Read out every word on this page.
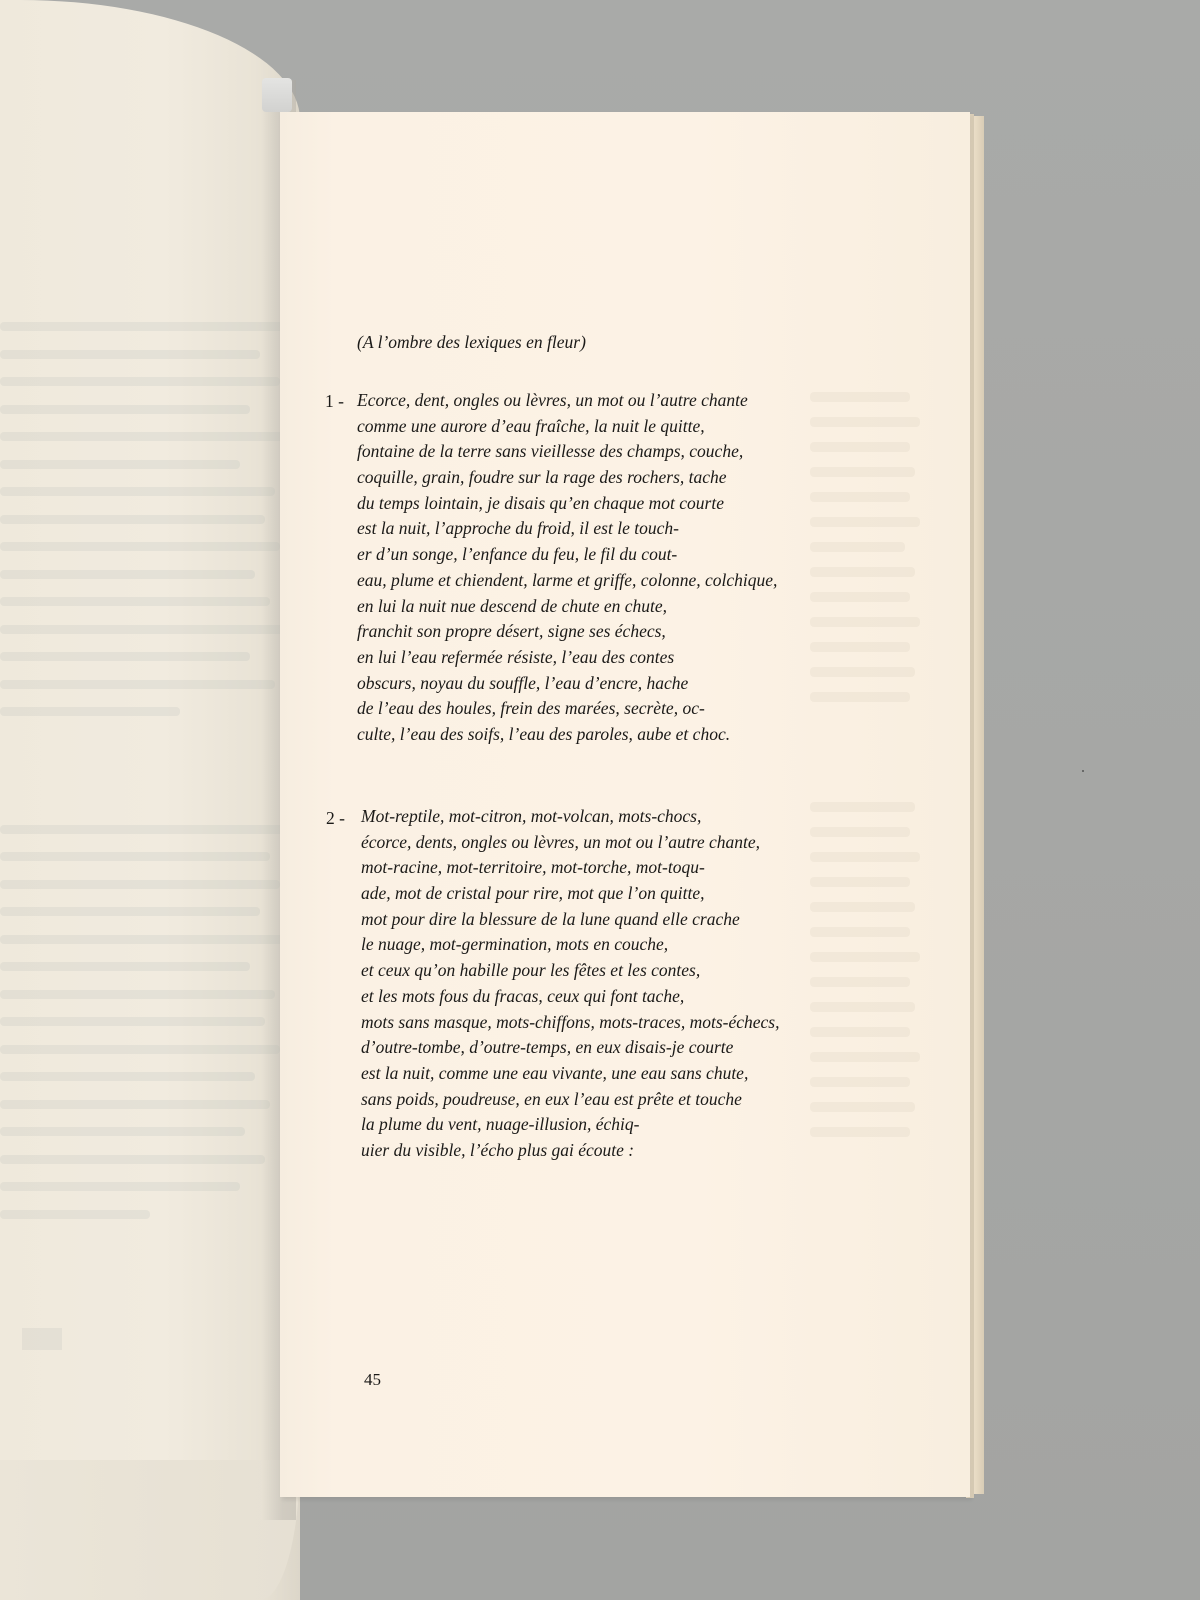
(A l’ombre des lexiques en fleur)
1 - Ecorce, dent, ongles ou lèvres, un mot ou l’autre chante
comme une aurore d’eau fraîche, la nuit le quitte,
fontaine de la terre sans vieillesse des champs, couche,
coquille, grain, foudre sur la rage des rochers, tache
du temps lointain, je disais qu’en chaque mot courte
est la nuit, l’approche du froid, il est le touch-
er d’un songe, l’enfance du feu, le fil du cout-
eau, plume et chiendent, larme et griffe, colonne, colchique,
en lui la nuit nue descend de chute en chute,
franchit son propre désert, signe ses échecs,
en lui l’eau refermée résiste, l’eau des contes
obscurs, noyau du souffle, l’eau d’encre, hache
de l’eau des houles, frein des marées, secrète, oc-
culte, l’eau des soifs, l’eau des paroles, aube et choc.
2 - Mot-reptile, mot-citron, mot-volcan, mots-chocs,
écorce, dents, ongles ou lèvres, un mot ou l’autre chante,
mot-racine, mot-territoire, mot-torche, mot-toqu-
ade, mot de cristal pour rire, mot que l’on quitte,
mot pour dire la blessure de la lune quand elle crache
le nuage, mot-germination, mots en couche,
et ceux qu’on habille pour les fêtes et les contes,
et les mots fous du fracas, ceux qui font tache,
mots sans masque, mots-chiffons, mots-traces, mots-échecs,
d’outre-tombe, d’outre-temps, en eux disais-je courte
est la nuit, comme une eau vivante, une eau sans chute,
sans poids, poudreuse, en eux l’eau est prête et touche
la plume du vent, nuage-illusion, échiq-
uier du visible, l’écho plus gai écoute :
45
